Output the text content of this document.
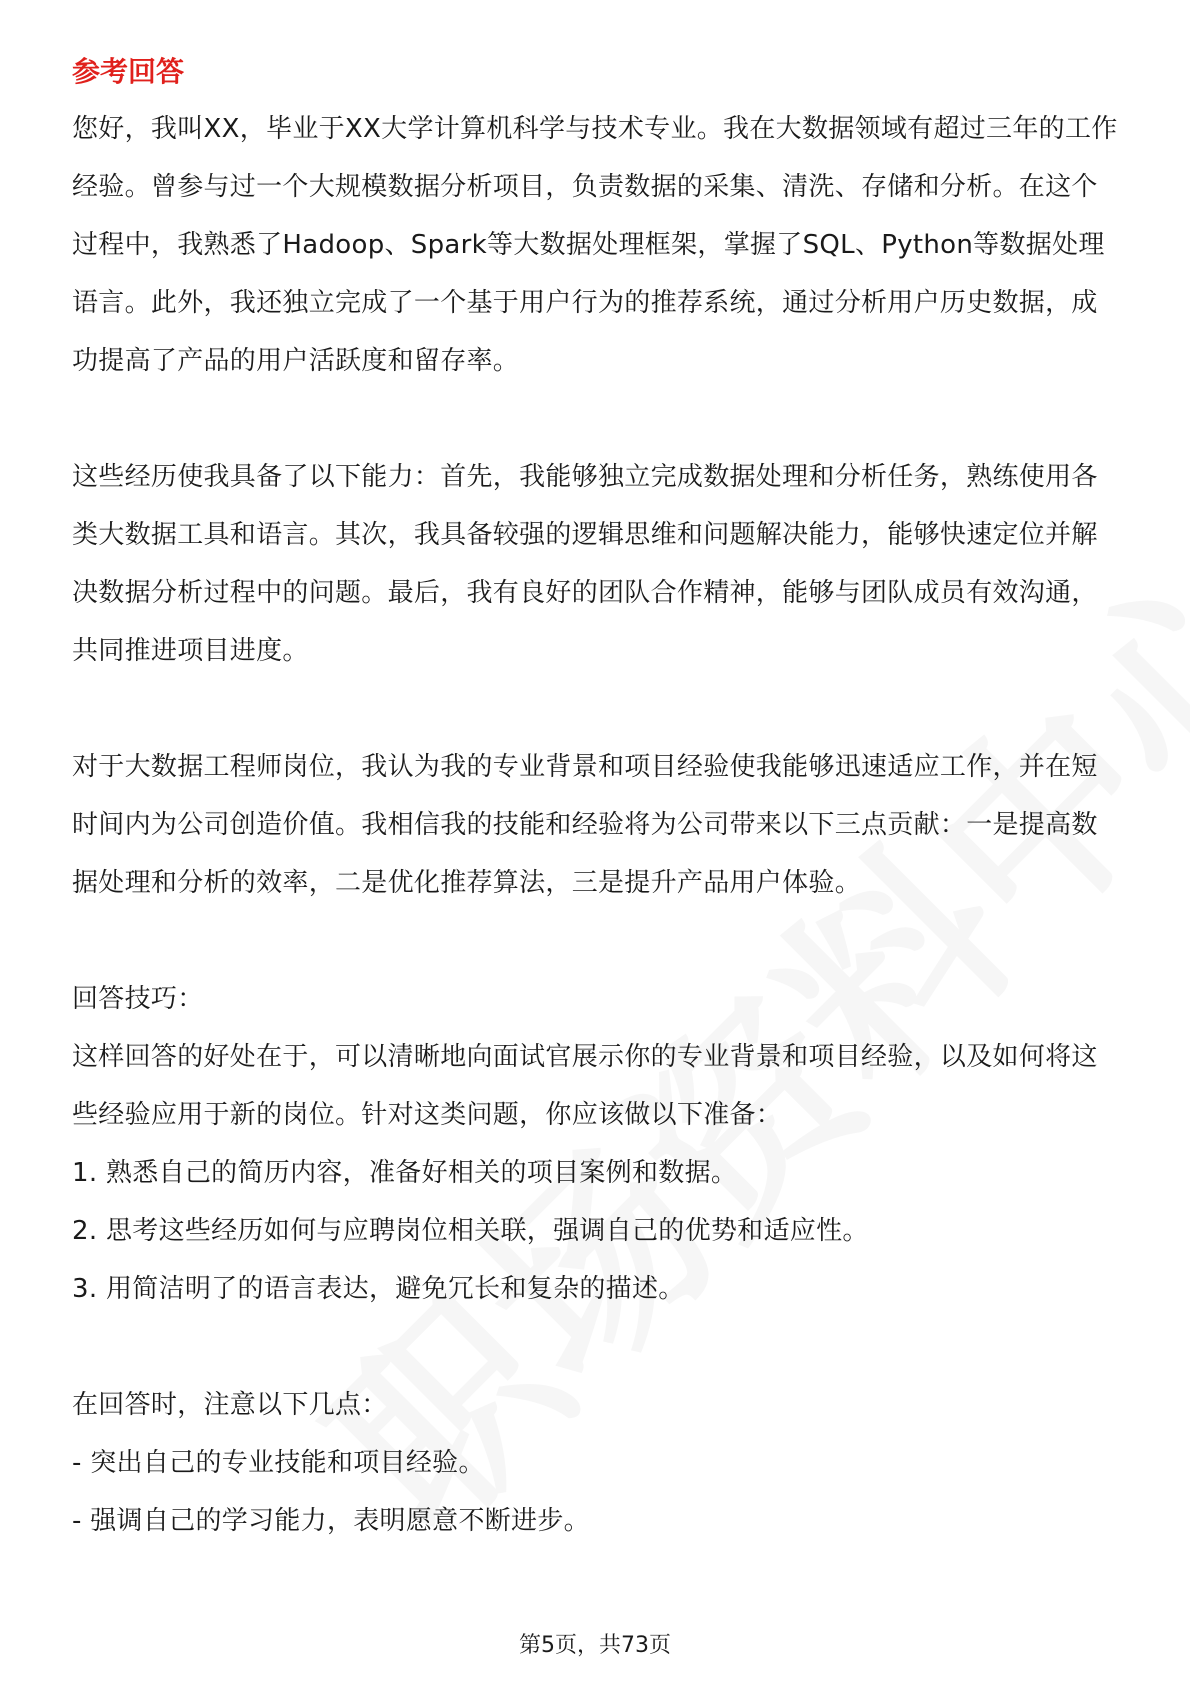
参考回答

您好，我叫XX，毕业于XX大学计算机科学与技术专业。我在大数据领域有超过三年的工作经验。曾参与过一个大规模数据分析项目，负责数据的采集、清洗、存储和分析。在这个过程中，我熟悉了Hadoop、Spark等大数据处理框架，掌握了SQL、Python等数据处理语言。此外，我还独立完成了一个基于用户行为的推荐系统，通过分析用户历史数据，成功提高了产品的用户活跃度和留存率。

这些经历使我具备了以下能力：首先，我能够独立完成数据处理和分析任务，熟练使用各类大数据工具和语言。其次，我具备较强的逻辑思维和问题解决能力，能够快速定位并解决数据分析过程中的问题。最后，我有良好的团队合作精神，能够与团队成员有效沟通，共同推进项目进度。

对于大数据工程师岗位，我认为我的专业背景和项目经验使我能够迅速适应工作，并在短时间内为公司创造价值。我相信我的技能和经验将为公司带来以下三点贡献：一是提高数据处理和分析的效率，二是优化推荐算法，三是提升产品用户体验。

回答技巧：

这样回答的好处在于，可以清晰地向面试官展示你的专业背景和项目经验，以及如何将这些经验应用于新的岗位。针对这类问题，你应该做以下准备：

1. 熟悉自己的简历内容，准备好相关的项目案例和数据。

2. 思考这些经历如何与应聘岗位相关联，强调自己的优势和适应性。

3. 用简洁明了的语言表达，避免冗长和复杂的描述。

在回答时，注意以下几点：

- 突出自己的专业技能和项目经验。

- 强调自己的学习能力，表明愿意不断进步。

第5页，共73页
